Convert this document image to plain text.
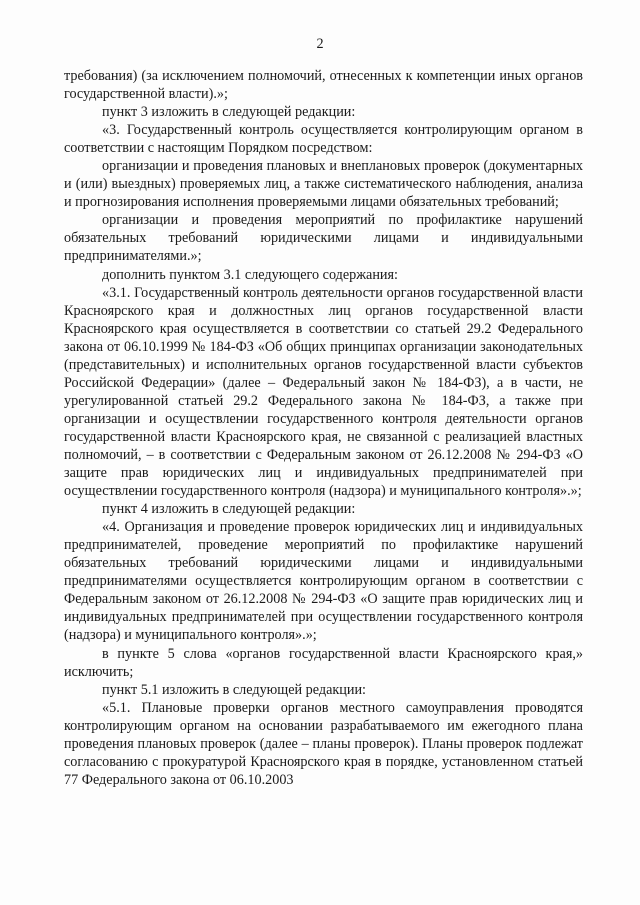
2

требования) (за исключением полномочий, отнесенных к компетенции иных органов государственной власти).»;

пункт 3 изложить в следующей редакции:

«3. Государственный контроль осуществляется контролирующим органом в соответствии с настоящим Порядком посредством:

организации и проведения плановых и внеплановых проверок (документарных и (или) выездных) проверяемых лиц, а также систематического наблюдения, анализа и прогнозирования исполнения проверяемыми лицами обязательных требований;

организации и проведения мероприятий по профилактике нарушений обязательных требований юридическими лицами и индивидуальными предпринимателями.»;

дополнить пунктом 3.1 следующего содержания:

«3.1. Государственный контроль деятельности органов государственной власти Красноярского края и должностных лиц органов государственной власти Красноярского края осуществляется в соответствии со статьей 29.2 Федерального закона от 06.10.1999 № 184-ФЗ «Об общих принципах организации законодательных (представительных) и исполнительных органов государственной власти субъектов Российской Федерации» (далее – Федеральный закон № 184-ФЗ), а в части, не урегулированной статьей 29.2 Федерального закона № 184-ФЗ, а также при организации и осуществлении государственного контроля деятельности органов государственной власти Красноярского края, не связанной с реализацией властных полномочий, – в соответствии с Федеральным законом от 26.12.2008 № 294-ФЗ «О защите прав юридических лиц и индивидуальных предпринимателей при осуществлении государственного контроля (надзора) и муниципального контроля».»;

пункт 4 изложить в следующей редакции:

«4. Организация и проведение проверок юридических лиц и индивидуальных предпринимателей, проведение мероприятий по профилактике нарушений обязательных требований юридическими лицами и индивидуальными предпринимателями осуществляется контролирующим органом в соответствии с Федеральным законом от 26.12.2008 № 294-ФЗ «О защите прав юридических лиц и индивидуальных предпринимателей при осуществлении государственного контроля (надзора) и муниципального контроля».»;

в пункте 5 слова «органов государственной власти Красноярского края,» исключить;

пункт 5.1 изложить в следующей редакции:

«5.1. Плановые проверки органов местного самоуправления проводятся контролирующим органом на основании разрабатываемого им ежегодного плана проведения плановых проверок (далее – планы проверок). Планы проверок подлежат согласованию с прокуратурой Красноярского края в порядке, установленном статьей 77 Федерального закона от 06.10.2003
